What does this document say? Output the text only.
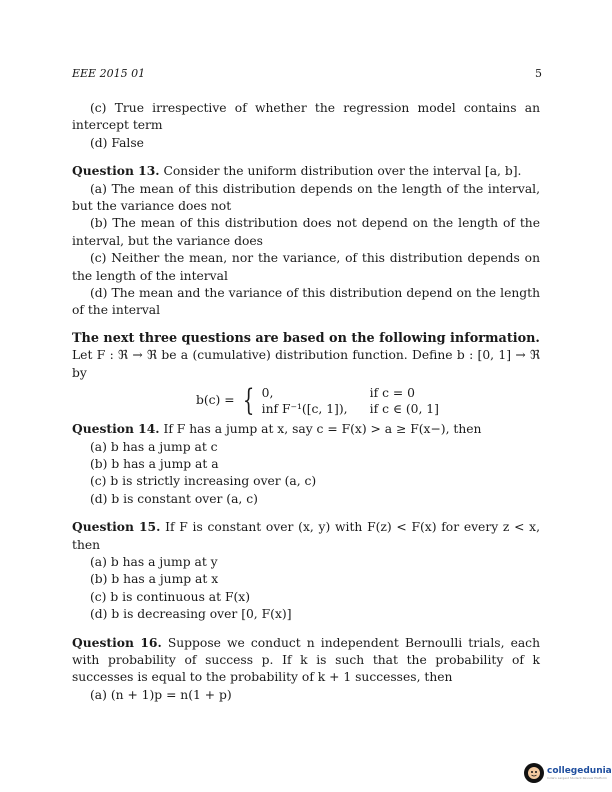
EEE 2015 01	5

(c) True irrespective of whether the regression model contains an intercept term

(d) False

Question 13. Consider the uniform distribution over the interval [a, b].

(a) The mean of this distribution depends on the length of the interval, but the variance does not

(b) The mean of this distribution does not depend on the length of the interval, but the variance does

(c) Neither the mean, nor the variance, of this distribution depends on the length of the interval

(d) The mean and the variance of this distribution depend on the length of the interval

The next three questions are based on the following information.

Let F : ℜ → ℜ be a (cumulative) distribution function. Define b : [0, 1] → ℜ by

b(c) = { 0,	if c = 0
inf F⁻¹([c, 1]),	if c ∈ (0, 1]

Question 14. If F has a jump at x, say c = F(x) > a ≥ F(x−), then

(a) b has a jump at c

(b) b has a jump at a

(c) b is strictly increasing over (a, c)

(d) b is constant over (a, c)

Question 15. If F is constant over (x, y) with F(z) < F(x) for every z < x, then

(a) b has a jump at y

(b) b has a jump at x

(c) b is continuous at F(x)

(d) b is decreasing over [0, F(x)]

Question 16. Suppose we conduct n independent Bernoulli trials, each with probability of success p. If k is such that the probability of k successes is equal to the probability of k + 1 successes, then

(a) (n + 1)p = n(1 + p)

collegedunia
India's Largest Student Review Platform
